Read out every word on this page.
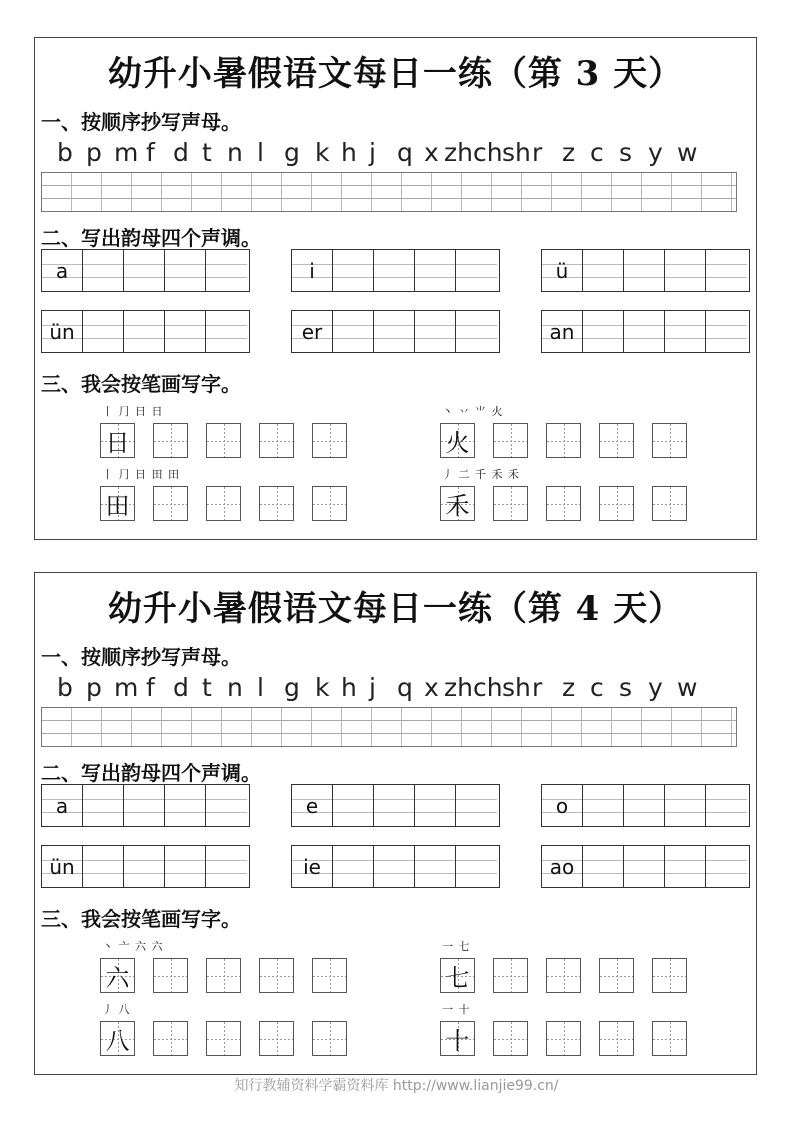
幼升小暑假语文每日一练（第 3 天）
一、按顺序抄写声母。
b p m f d t n l g k h j q x zh ch sh r z c s y w
二、写出韵母四个声调。
a	i	ü
ün	er	an
三、我会按笔画写字。
丨 ⺆ 日 日
日
丶 丷 ⺌ 火
火
丨 ⺆ 日 田 田
田
丿 二 千 禾 禾
禾
幼升小暑假语文每日一练（第 4 天）
一、按顺序抄写声母。
b p m f d t n l g k h j q x zh ch sh r z c s y w
二、写出韵母四个声调。
a	e	o
ün	ie	ao
三、我会按笔画写字。
丶 亠 六 六
六
一 七
七
丿 八
八
一 十
十
知行教辅资料学霸资料库 http://www.lianjie99.cn/
